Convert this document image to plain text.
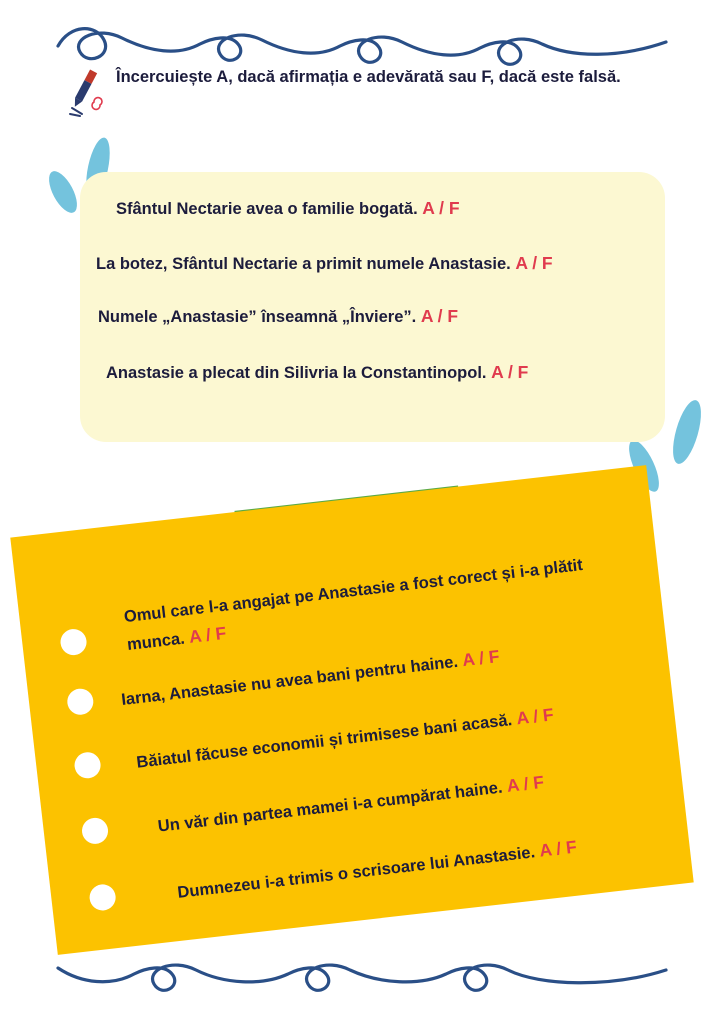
Încercuiește A, dacă afirmația e adevărată sau F, dacă este falsă.
Sfântul Nectarie avea o familie bogată. A / F
La botez, Sfântul Nectarie a primit numele Anastasie. A / F
Numele „Anastasie” înseamnă „Înviere”. A / F
Anastasie a plecat din Silivria la Constantinopol. A / F
Omul care l-a angajat pe Anastasie a fost corect și i-a plătit munca. A / F
Iarna, Anastasie nu avea bani pentru haine. A / F
Băiatul făcuse economii și trimisese bani acasă. A / F
Un văr din partea mamei i-a cumpărat haine. A / F
Dumnezeu i-a trimis o scrisoare lui Anastasie. A / F
